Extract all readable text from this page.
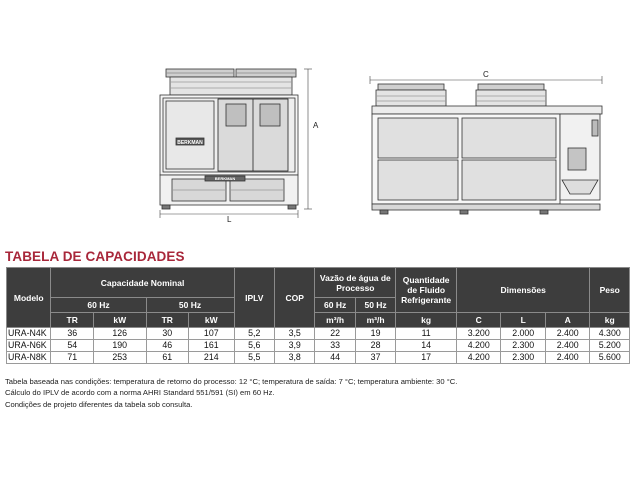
BERKMAN
BERKMAN
A
L
C
TABELA DE CAPACIDADES
Modelo	Capacidade Nominal				IPLV	COP	Vazão de água de Processo		Quantidade de Fluido Refrigerante	Dimensões			Peso
	60 Hz		50 Hz				60 Hz	50 Hz					
	TR	kW	TR	kW			m³/h	m³/h	kg	C	L	A	kg
URA-N4K	36	126	30	107	5,2	3,5	22	19	11	3.200	2.000	2.400	4.300
URA-N6K	54	190	46	161	5,6	3,9	33	28	14	4.200	2.300	2.400	5.200
URA-N8K	71	253	61	214	5,5	3,8	44	37	17	4.200	2.300	2.400	5.600
Tabela baseada nas condições: temperatura de retorno do processo: 12 °C; temperatura de saída: 7 °C; temperatura ambiente: 30 °C.
Cálculo do IPLV de acordo com a norma AHRI Standard 551/591 (SI) em 60 Hz.
Condições de projeto diferentes da tabela sob consulta.
